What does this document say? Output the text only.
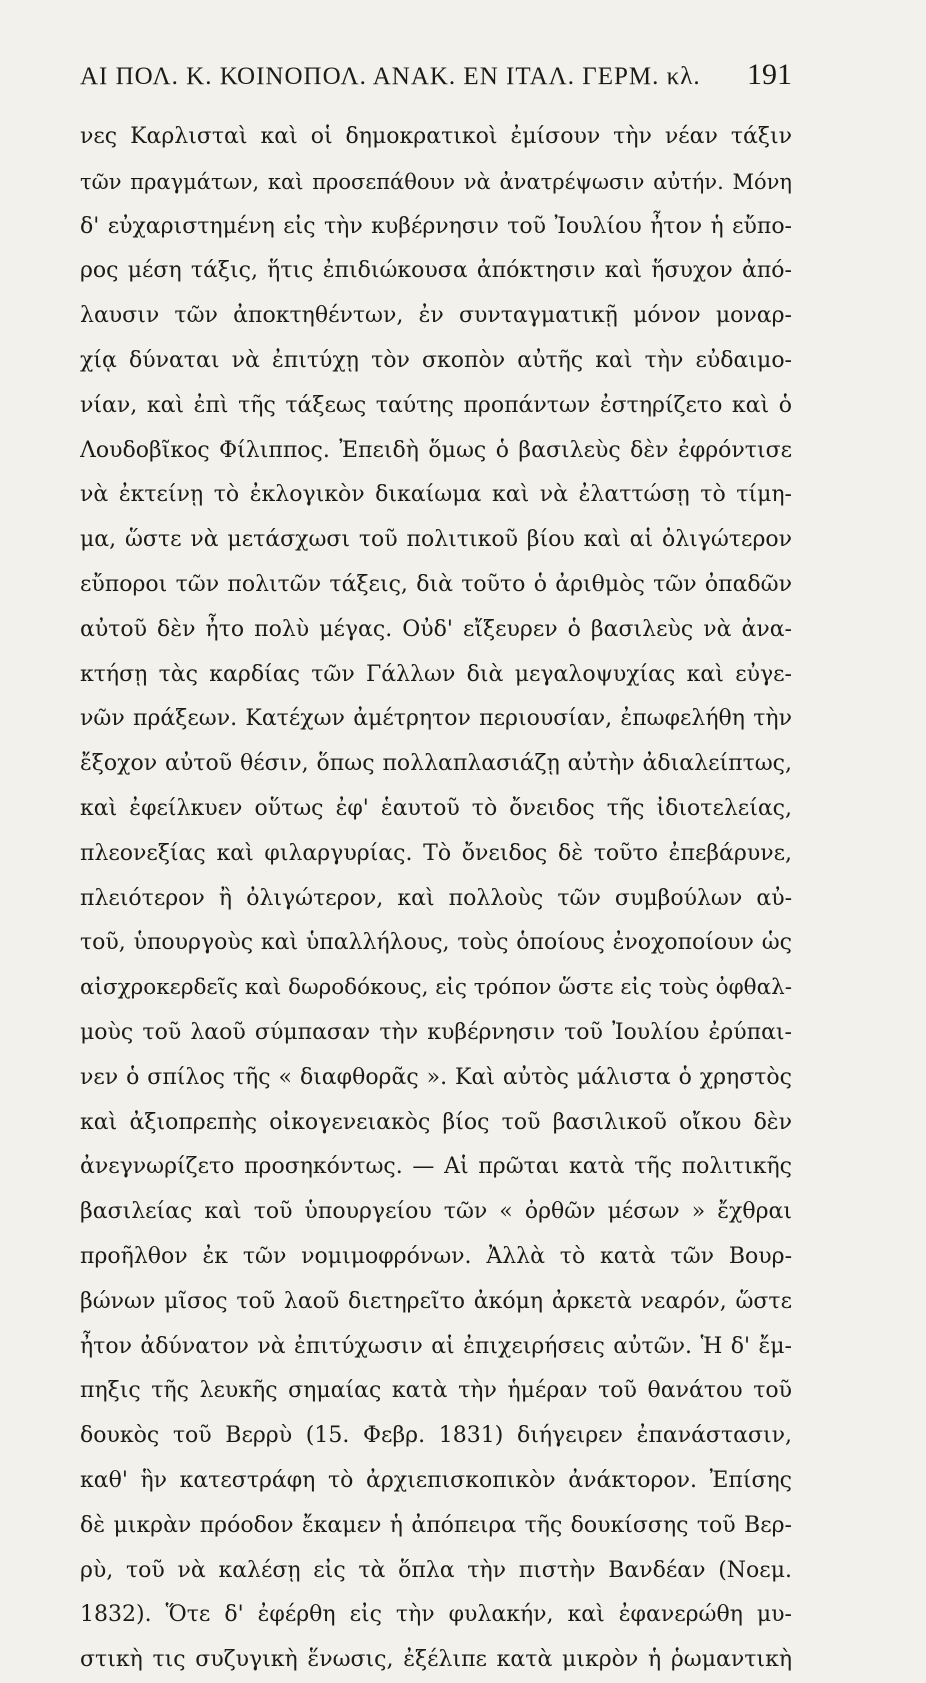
ΑΙ ΠΟΛ. Κ. ΚΟΙΝΟΠΟΛ. ΑΝΑΚ. ΕΝ ΙΤΑΛ. ΓΕΡΜ. κλ. 191
νες Καρλισταὶ καὶ οἱ δημοκρατικοὶ ἐμίσουν τὴν νέαν τάξιν
τῶν πραγμάτων, καὶ προσεπάθουν νὰ ἀνατρέψωσιν αὐτήν. Μόνη
δ' εὐχαριστημένη εἰς τὴν κυβέρνησιν τοῦ Ἰουλίου ἦτον ἡ εὔπο-
ρος μέση τάξις, ἥτις ἐπιδιώκουσα ἀπόκτησιν καὶ ἥσυχον ἀπό-
λαυσιν τῶν ἀποκτηθέντων, ἐν συνταγματικῇ μόνον μοναρ-
χίᾳ δύναται νὰ ἐπιτύχῃ τὸν σκοπὸν αὐτῆς καὶ τὴν εὐδαιμο-
νίαν, καὶ ἐπὶ τῆς τάξεως ταύτης προπάντων ἐστηρίζετο καὶ ὁ
Λουδοβῖκος Φίλιππος. Ἐπειδὴ ὅμως ὁ βασιλεὺς δὲν ἐφρόντισε
νὰ ἐκτείνῃ τὸ ἐκλογικὸν δικαίωμα καὶ νὰ ἐλαττώσῃ τὸ τίμη-
μα, ὥστε νὰ μετάσχωσι τοῦ πολιτικοῦ βίου καὶ αἱ ὀλιγώτερον
εὔποροι τῶν πολιτῶν τάξεις, διὰ τοῦτο ὁ ἀριθμὸς τῶν ὀπαδῶν
αὐτοῦ δὲν ἦτο πολὺ μέγας. Οὐδ' εἴξευρεν ὁ βασιλεὺς νὰ ἀνα-
κτήσῃ τὰς καρδίας τῶν Γάλλων διὰ μεγαλοψυχίας καὶ εὐγε-
νῶν πράξεων. Κατέχων ἀμέτρητον περιουσίαν, ἐπωφελήθη τὴν
ἔξοχον αὐτοῦ θέσιν, ὅπως πολλαπλασιάζῃ αὐτὴν ἀδιαλείπτως,
καὶ ἐφείλκυεν οὕτως ἐφ' ἑαυτοῦ τὸ ὄνειδος τῆς ἰδιοτελείας,
πλεονεξίας καὶ φιλαργυρίας. Τὸ ὄνειδος δὲ τοῦτο ἐπεβάρυνε,
πλειότερον ἢ ὀλιγώτερον, καὶ πολλοὺς τῶν συμβούλων αὐ-
τοῦ, ὑπουργοὺς καὶ ὑπαλλήλους, τοὺς ὁποίους ἐνοχοποίουν ὡς
αἰσχροκερδεῖς καὶ δωροδόκους, εἰς τρόπον ὥστε εἰς τοὺς ὀφθαλ-
μοὺς τοῦ λαοῦ σύμπασαν τὴν κυβέρνησιν τοῦ Ἰουλίου ἐρύπαι-
νεν ὁ σπίλος τῆς « διαφθορᾶς ». Καὶ αὐτὸς μάλιστα ὁ χρηστὸς
καὶ ἀξιοπρεπὴς οἰκογενειακὸς βίος τοῦ βασιλικοῦ οἴκου δὲν
ἀνεγνωρίζετο προσηκόντως. — Αἱ πρῶται κατὰ τῆς πολιτικῆς
βασιλείας καὶ τοῦ ὑπουργείου τῶν « ὀρθῶν μέσων » ἔχθραι
προῆλθον ἐκ τῶν νομιμοφρόνων. Ἀλλὰ τὸ κατὰ τῶν Βουρ-
βώνων μῖσος τοῦ λαοῦ διετηρεῖτο ἀκόμη ἀρκετὰ νεαρόν, ὥστε
ἦτον ἀδύνατον νὰ ἐπιτύχωσιν αἱ ἐπιχειρήσεις αὐτῶν. Ἡ δ' ἔμ-
πηξις τῆς λευκῆς σημαίας κατὰ τὴν ἡμέραν τοῦ θανάτου τοῦ
δουκὸς τοῦ Βερρὺ (15. Φεβρ. 1831) διήγειρεν ἐπανάστασιν,
καθ' ἣν κατεστράφη τὸ ἀρχιεπισκοπικὸν ἀνάκτορον. Ἐπίσης
δὲ μικρὰν πρόοδον ἔκαμεν ἡ ἀπόπειρα τῆς δουκίσσης τοῦ Βερ-
ρὺ, τοῦ νὰ καλέσῃ εἰς τὰ ὅπλα τὴν πιστὴν Βανδέαν (Νοεμ.
1832). Ὅτε δ' ἐφέρθη εἰς τὴν φυλακήν, καὶ ἐφανερώθη μυ-
στικὴ τις συζυγικὴ ἕνωσις, ἐξέλιπε κατὰ μικρὸν ἡ ῥωμαντικὴ
